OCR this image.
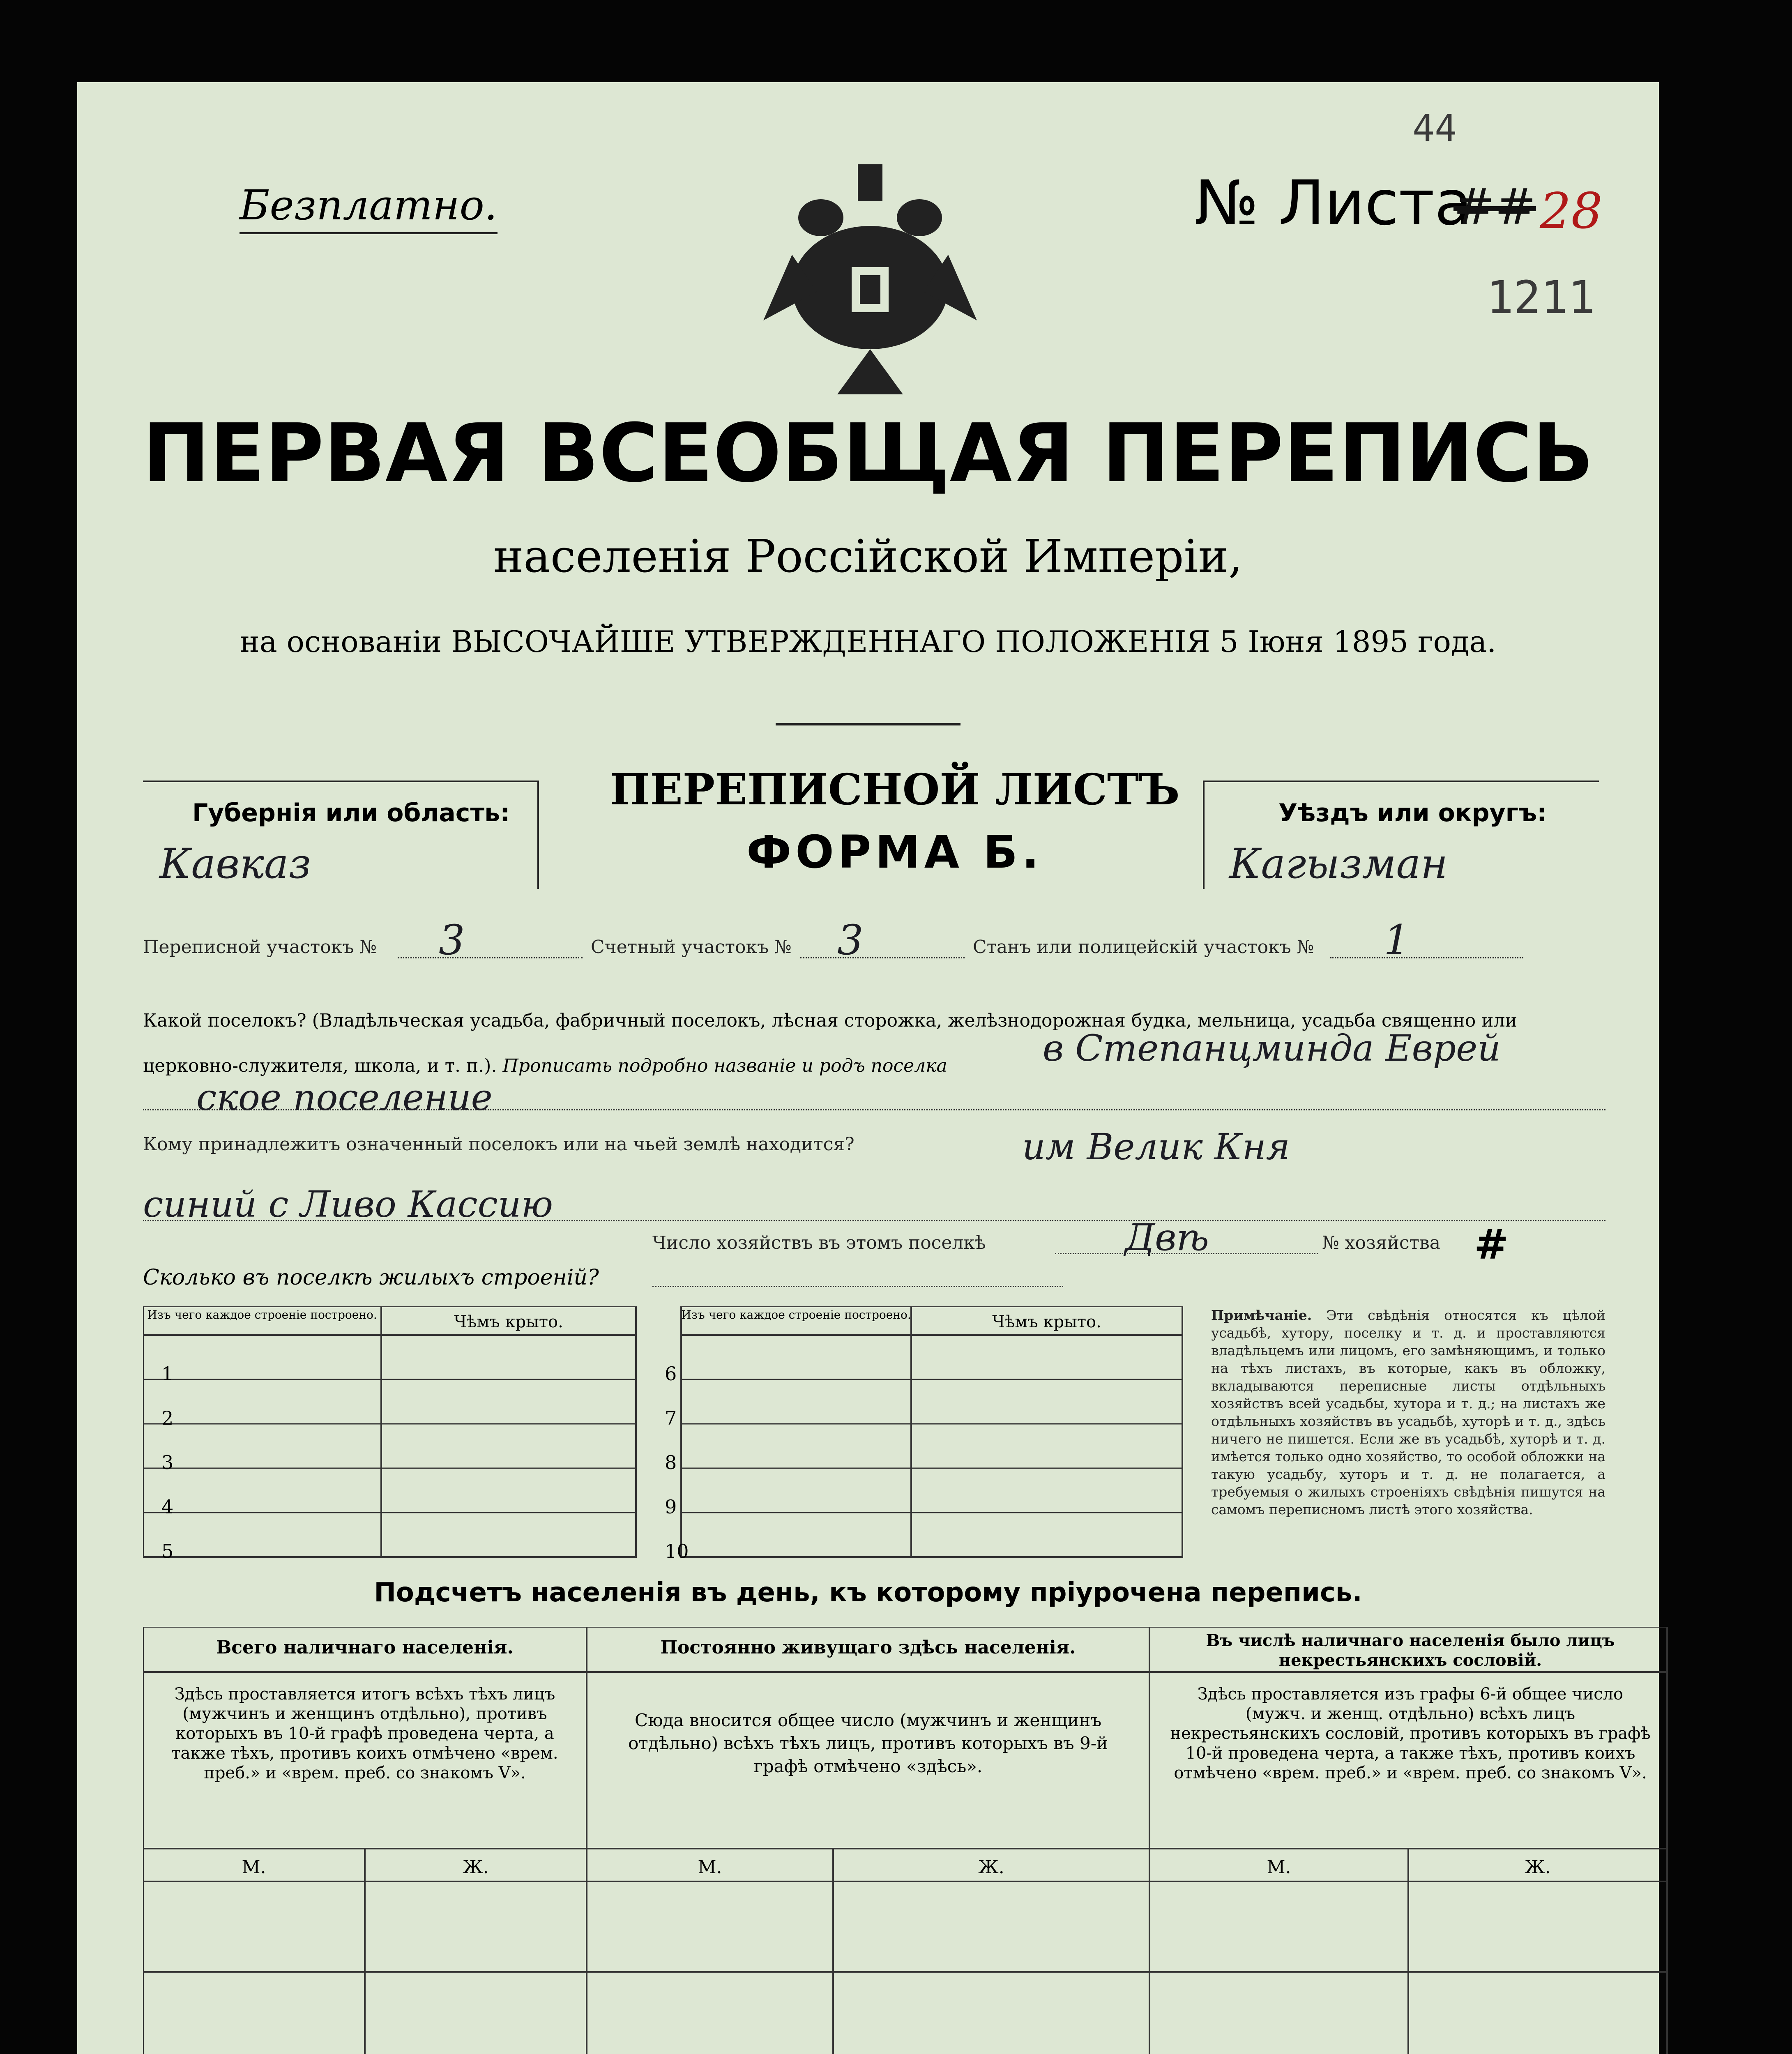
Безплатно.	№ Листа
## 28
44
1211
ПЕРВАЯ ВСЕОБЩАЯ ПЕРЕПИСЬ
населенія Россійской Имперіи,
на основаніи ВЫСОЧАЙШЕ УТВЕРЖДЕННАГО ПОЛОЖЕНІЯ 5 Іюня 1895 года.
Губернія или область:
Кавказ
ПЕРЕПИСНОЙ ЛИСТЪ
ФОРМА Б.
Уѣздъ или округъ:
Кагызман
Переписной участокъ № 3	Счетный участокъ № 3	Станъ или полицейскій участокъ № 1
Какой поселокъ? (Владѣльческая усадьба, фабричный поселокъ, лѣсная сторожка, желѣзнодорожная будка, мельница, усадьба священно или церковно-служителя, школа, и т. п.). Прописать подробно названіе и родъ поселка	в Степанцминда Еврей
ское поселение
Кому принадлежитъ означенный поселокъ или на чьей землѣ находится?	им Велик Кня
синий с Ливо Кассию
Число хозяйствъ въ этомъ поселкѣ	Двѣ	№ хозяйства #
Сколько въ поселкѣ жилыхъ строеній?
Изъ чего каждое строеніе построено.	Чѣмъ крыто.	Изъ чего каждое строеніе построено.	Чѣмъ крыто.
1
2
3
4
5
6
7
8
9
10
Примѣчаніе. Эти свѣдѣнія относятся къ цѣлой усадьбѣ, хутору, поселку и т. д. и проставляются владѣльцемъ или лицомъ, его замѣняющимъ, и только на тѣхъ листахъ, въ которые, какъ въ обложку, вкладываются переписные листы отдѣльныхъ хозяйствъ всей усадьбы, хутора и т. д.; на листахъ же отдѣльныхъ хозяйствъ въ усадьбѣ, хуторѣ и т. д., здѣсь ничего не пишется. Если же въ усадьбѣ, хуторѣ и т. д. имѣется только одно хозяйство, то особой обложки на такую усадьбу, хуторъ и т. д. не полагается, а требуемыя о жилыхъ строеніяхъ свѣдѣнія пишутся на самомъ переписномъ листѣ этого хозяйства.
Подсчетъ населенія въ день, къ которому пріурочена перепись.
Всего наличнаго населенія.	Постоянно живущаго здѣсь населенія.	Въ числѣ наличнаго населенія было лицъ некрестьянскихъ сословій.
Здѣсь проставляется итогъ всѣхъ тѣхъ лицъ (мужчинъ и женщинъ отдѣльно), противъ которыхъ въ 10-й графѣ проведена черта, а также тѣхъ, противъ коихъ отмѣчено «врем. преб.» и «врем. преб. со знакомъ V».
Сюда вносится общее число (мужчинъ и женщинъ отдѣльно) всѣхъ тѣхъ лицъ, противъ которыхъ въ 9-й графѣ отмѣчено «здѣсь».
Здѣсь проставляется изъ графы 6-й общее число (мужч. и женщ. отдѣльно) всѣхъ лицъ некрестьянскихъ сословій, противъ которыхъ въ графѣ 10-й проведена черта, а также тѣхъ, противъ коихъ отмѣчено «врем. преб.» и «врем. преб. со знакомъ V».
М.	Ж.	М.	Ж.	М.	Ж.
